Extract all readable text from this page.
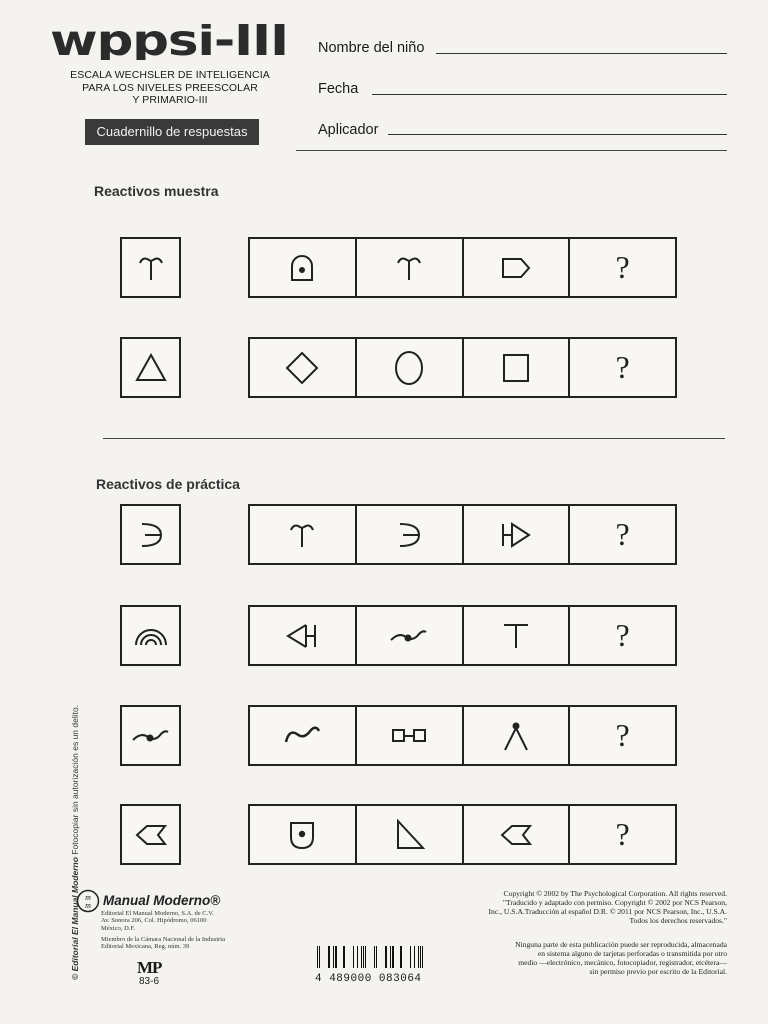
wppsi-III
ESCALA WECHSLER DE INTELIGENCIA
PARA LOS NIVELES PREESCOLAR
Y PRIMARIO-III
Cuadernillo de respuestas
Nombre del niño
Fecha
Aplicador
Reactivos muestra
Reactivos de práctica
?
?
?
?
?
?
© Editorial El Manual Moderno Fotocopiar sin autorización es un delito.
m
m Manual Moderno®
Editorial El Manual Moderno, S.A. de C.V.
Av. Sonora 206, Col. Hipódromo, 06100
México, D.F.
Miembro de la Cámara Nacional de la Industria
Editorial Mexicana, Reg. núm. 39
MP
83-6	4 489000 083064
Copyright © 2002 by The Psychological Corporation. All rights reserved.
"Traducido y adaptado con permiso. Copyright © 2002 por NCS Pearson,
Inc., U.S.A.Traducción al español D.R. © 2011 por NCS Pearson, Inc., U.S.A.
Todos los derechos reservados."
Ninguna parte de esta publicación puede ser reproducida, almacenada
en sistema alguno de tarjetas perforadas o transmitida por otro
medio —electrónico, mecánico, fotocopiador, registrador, etcétera—
sin permiso previo por escrito de la Editorial.
